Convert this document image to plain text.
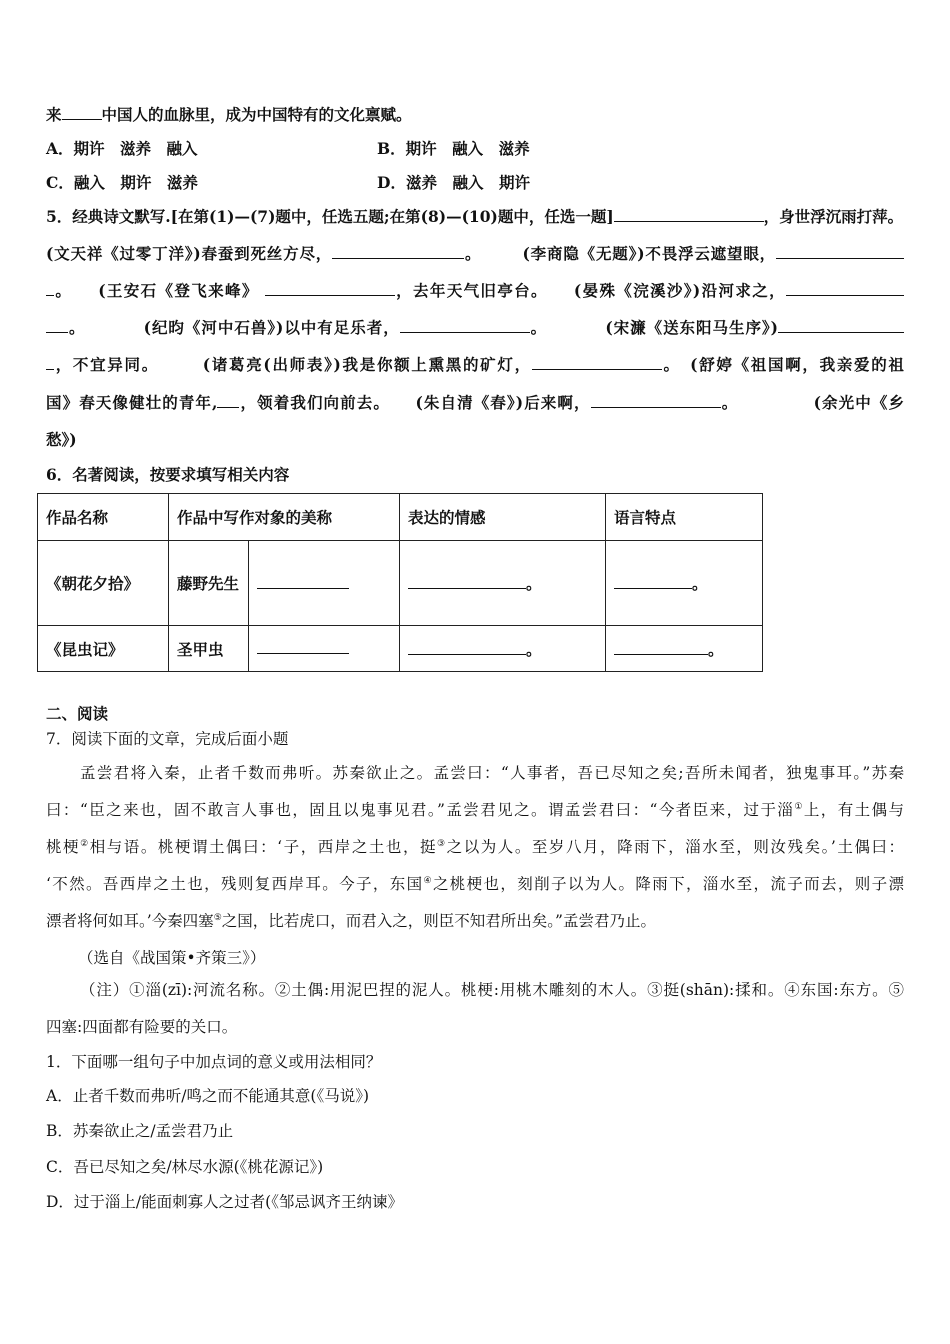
来	中国人的血脉里，成为中国特有的文化禀赋。
A．期许　滋养　融入	B．期许　融入　滋养
C．融入　期许　滋养	D．滋养　融入　期许
5．经典诗文默写.[在第(1)—(7)题中，任选五题;在第(8)—(10)题中，任选一题]	，身世浮沉雨打萍。
(文天祥《过零丁洋》)春蚕到死丝方尽，	。　　　	(李商隐《无题》)不畏浮云遮望眼，
。　　 (王安石《登飞来峰》	，去年天气旧亭台。　　 (晏殊《浣溪沙》)沿河求之，
。　　　　	(纪昀《河中石兽》)以中有足乐者，	。　　　　	(宋濂《送东阳马生序》)
，不宜异同。　　　	(诸葛亮(出师表》)我是你额上熏黑的矿灯，	。　 (舒婷《祖国啊，我亲爱的祖
国》春天像健壮的青年, ，领着我们向前去。　　 (朱自清《春》)后来啊，	。　　　　　	(余光中《乡
愁》)
6．名著阅读，按要求填写相关内容
作品名称	作品中写作对象的美称		表达的情感	语言特点
《朝花夕拾》	藤野先生		。	。
《昆虫记》	圣甲虫		。	。
二、阅读
7．阅读下面的文章，完成后面小题
孟尝君将入秦，止者千数而弗听。苏秦欲止之。孟尝曰：“人事者，吾已尽知之矣;吾所未闻者，独鬼事耳。”苏秦
曰：“臣之来也，固不敢言人事也，固且以鬼事见君。”孟尝君见之。谓孟尝君曰：“今者臣来，过于淄①上，有土偶与
桃梗②相与语。桃梗谓土偶曰：‘子，西岸之土也，挺③之以为人。至岁八月，降雨下，淄水至，则汝残矣。’土偶曰：
‘不然。吾西岸之土也，残则复西岸耳。今子，东国④之桃梗也，刻削子以为人。降雨下，淄水至，流子而去，则子漂
漂者将何如耳。’今秦四塞⑤之国，比若虎口，而君入之，则臣不知君所出矣。”孟尝君乃止。
（选自《战国策•齐策三》）
（注）①淄(zī):河流名称。②土偶:用泥巴捏的泥人。桃梗:用桃木雕刻的木人。③挺(shān):揉和。④东国:东方。⑤
四塞:四面都有险要的关口。
1．下面哪一组句子中加点词的意义或用法相同？
A．止者千数而弗听/鸣之而不能通其意(《马说》)
B．苏秦欲止之/孟尝君乃止
C．吾已尽知之矣/林尽水源(《桃花源记》)
D．过于淄上/能面刺寡人之过者(《邹忌讽齐王纳谏》
